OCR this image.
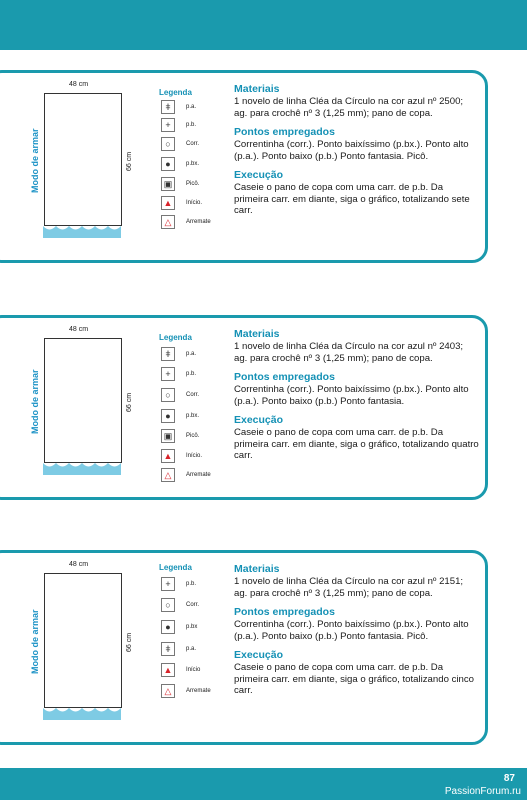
48 cm
66 cm
Modo de armar
Legenda
ǂ	p.a.
+	p.b.
○	Corr.
●	p.bx.
▣	Picô.
▲	Início.
△	Arremate
Materiais
1 novelo de linha Cléa da Círculo na cor azul nº 2500; ag. para crochê nº 3 (1,25 mm); pano de copa.
Pontos empregados
Correntinha (corr.). Ponto baixíssimo (p.bx.). Ponto alto (p.a.). Ponto baixo (p.b.) Ponto fantasia. Picô.
Execução
Caseie o pano de copa com uma carr. de p.b. Da primeira carr. em diante, siga o gráfico, totalizando sete carr.
48 cm
66 cm
Modo de armar
Legenda
ǂ	p.a.
+	p.b.
○	Corr.
●	p.bx.
▣	Picô.
▲	Início.
△	Arremate
Materiais
1 novelo de linha Cléa da Círculo na cor azul nº 2403; ag. para crochê nº 3 (1,25 mm); pano de copa.
Pontos empregados
Correntinha (corr.). Ponto baixíssimo (p.bx.). Ponto alto (p.a.). Ponto baixo (p.b.) Ponto fantasia.
Execução
Caseie o pano de copa com uma carr. de p.b. Da primeira carr. em diante, siga o gráfico, totalizando quatro carr.
48 cm
66 cm
Modo de armar
Legenda
+	p.b.
○	Corr.
●	p.bx
ǂ	p.a.
▲	Início
△	Arremate
Materiais
1 novelo de linha Cléa da Círculo na cor azul nº 2151; ag. para crochê nº 3 (1,25 mm); pano de copa.
Pontos empregados
Correntinha (corr.). Ponto baixíssimo (p.bx.). Ponto alto (p.a.). Ponto baixo (p.b.) Ponto fantasia. Picô.
Execução
Caseie o pano de copa com uma carr. de p.b. Da primeira carr. em diante, siga o gráfico, totalizando cinco carr.
87
PassionForum.ru
